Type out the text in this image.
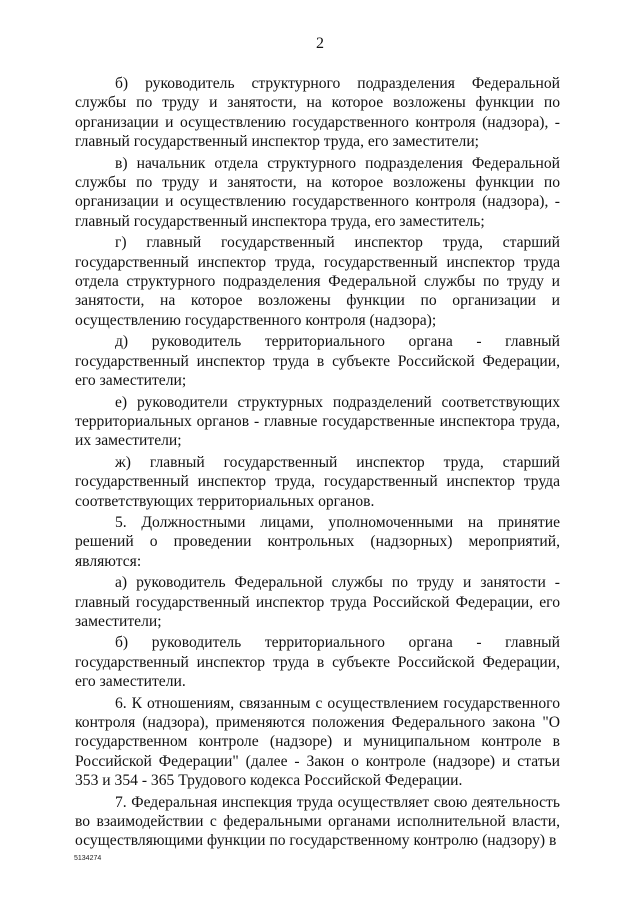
2

б) руководитель структурного подразделения Федеральной службы по труду и занятости, на которое возложены функции по организации и осуществлению государственного контроля (надзора), - главный государственный инспектор труда, его заместители;

в) начальник отдела структурного подразделения Федеральной службы по труду и занятости, на которое возложены функции по организации и осуществлению государственного контроля (надзора), - главный государственный инспектора труда, его заместитель;

г) главный государственный инспектор труда, старший государственный инспектор труда, государственный инспектор труда отдела структурного подразделения Федеральной службы по труду и занятости, на которое возложены функции по организации и осуществлению государственного контроля (надзора);

д) руководитель территориального органа - главный государственный инспектор труда в субъекте Российской Федерации, его заместители;

е) руководители структурных подразделений соответствующих территориальных органов - главные государственные инспектора труда, их заместители;

ж) главный государственный инспектор труда, старший государственный инспектор труда, государственный инспектор труда соответствующих территориальных органов.

5. Должностными лицами, уполномоченными на принятие решений о проведении контрольных (надзорных) мероприятий, являются:

а) руководитель Федеральной службы по труду и занятости - главный государственный инспектор труда Российской Федерации, его заместители;

б) руководитель территориального органа - главный государственный инспектор труда в субъекте Российской Федерации, его заместители.

6. К отношениям, связанным с осуществлением государственного контроля (надзора), применяются положения Федерального закона "О государственном контроле (надзоре) и муниципальном контроле в Российской Федерации" (далее - Закон о контроле (надзоре) и статьи 353 и 354 - 365 Трудового кодекса Российской Федерации.

7. Федеральная инспекция труда осуществляет свою деятельность во взаимодействии с федеральными органами исполнительной власти, осуществляющими функции по государственному контролю (надзору) в

5134274
